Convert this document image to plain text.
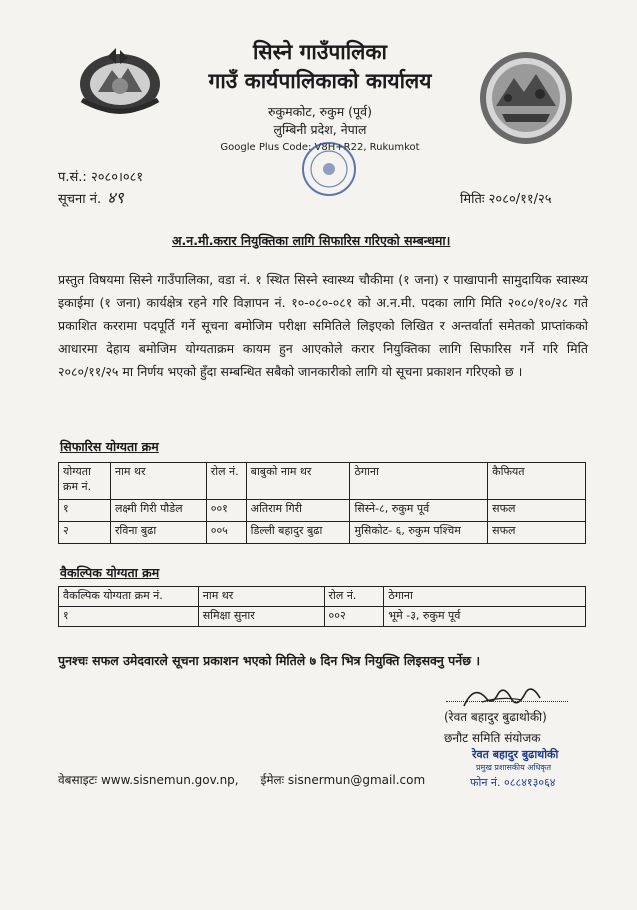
सिस्ने गाउँपालिका
गाउँ कार्यपालिकाको कार्यालय
रुकुमकोट, रुकुम (पूर्व)
लुम्बिनी प्रदेश, नेपाल
Google Plus Code: V8H+R22, Rukumkot
प.सं.: २०८०।०८१
सूचना नं. ४९	मितिः २०८०/११/२५
अ.न.मी.करार नियुक्तिका लागि सिफारिस गरिएको सम्बन्धमा।
प्रस्तुत विषयमा सिस्ने गाउँपालिका, वडा नं. १ स्थित सिस्ने स्वास्थ्य चौकीमा (१ जना) र पाखापानी सामुदायिक स्वास्थ्य इकाईमा (१ जना) कार्यक्षेत्र रहने गरि विज्ञापन नं. १०-०८०-०८१ को अ.न.मी. पदका लागि मिति २०८०/१०/२८ गते प्रकाशित कररामा पदपूर्ति गर्ने सूचना बमोजिम परीक्षा समितिले लिइएको लिखित र अन्तर्वार्ता समेतको प्राप्तांकको आधारमा देहाय बमोजिम योग्यताक्रम कायम हुन आएकोले करार नियुक्तिका लागि सिफारिस गर्ने गरि मिति २०८०/११/२५ मा निर्णय भएको हुँदा सम्बन्धित सबैको जानकारीको लागि यो सूचना प्रकाशन गरिएको छ ।
सिफारिस योग्यता क्रम
योग्यता क्रम नं.	नाम थर	रोल नं.	बाबुको नाम थर	ठेगाना	कैफियत
१	लक्ष्मी गिरी पौडेल	००१	अतिराम गिरी	सिस्ने-८, रुकुम पूर्व	सफल
२	रविना बुढा	००५	डिल्ली बहादुर बुढा	मुसिकोट- ६, रुकुम पश्चिम	सफल
वैकल्पिक योग्यता क्रम
वैकल्पिक योग्यता क्रम नं.	नाम थर	रोल नं.	ठेगाना
१	समिक्षा सुनार	००२	भूमे -३, रुकुम पूर्व
पुनश्चः सफल उमेदवारले सूचना प्रकाशन भएको मितिले ७ दिन भित्र नियुक्ति लिइसक्नु पर्नेछ ।
(रेवत बहादुर बुढाथोकी)
छनौट समिति संयोजक
रेवत बहादुर बुढाथोकी
प्रमुख प्रशासकीय अधिकृत
फोन नं. ०८८४१३०६४
वेबसाइटः www.sisnemun.gov.np, ईमेलः sisnermun@gmail.com
